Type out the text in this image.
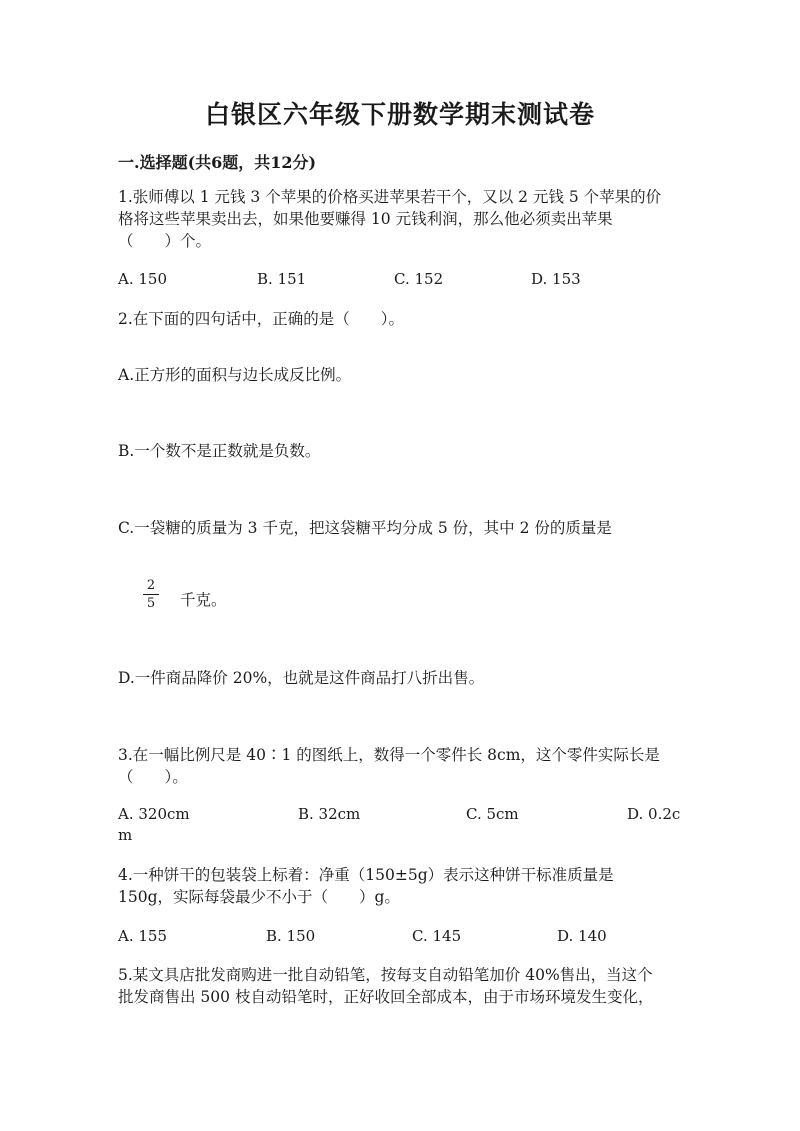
白银区六年级下册数学期末测试卷
一.选择题(共6题，共12分)
1.张师傅以 1 元钱 3 个苹果的价格买进苹果若干个，又以 2 元钱 5 个苹果的价
格将这些苹果卖出去，如果他要赚得 10 元钱利润，那么他必须卖出苹果
（　　）个。
A. 150	B. 151	C. 152	D. 153
2.在下面的四句话中，正确的是（　　）。
A.正方形的面积与边长成反比例。
B.一个数不是正数就是负数。
C.一袋糖的质量为 3 千克，把这袋糖平均分成 5 份，其中 2 份的质量是
2
5 千克。
D.一件商品降价 20%，也就是这件商品打八折出售。
3.在一幅比例尺是 40∶1 的图纸上，数得一个零件长 8cm，这个零件实际长是
（　　）。
A. 320cm	B. 32cm	C. 5cm	D. 0.2c
m
4.一种饼干的包装袋上标着：净重（150±5g）表示这种饼干标准质量是
150g，实际每袋最少不小于（　　）g。
A. 155	B. 150	C. 145	D. 140
5.某文具店批发商购进一批自动铅笔，按每支自动铅笔加价 40%售出，当这个
批发商售出 500 枝自动铅笔时，正好收回全部成本，由于市场环境发生变化，
